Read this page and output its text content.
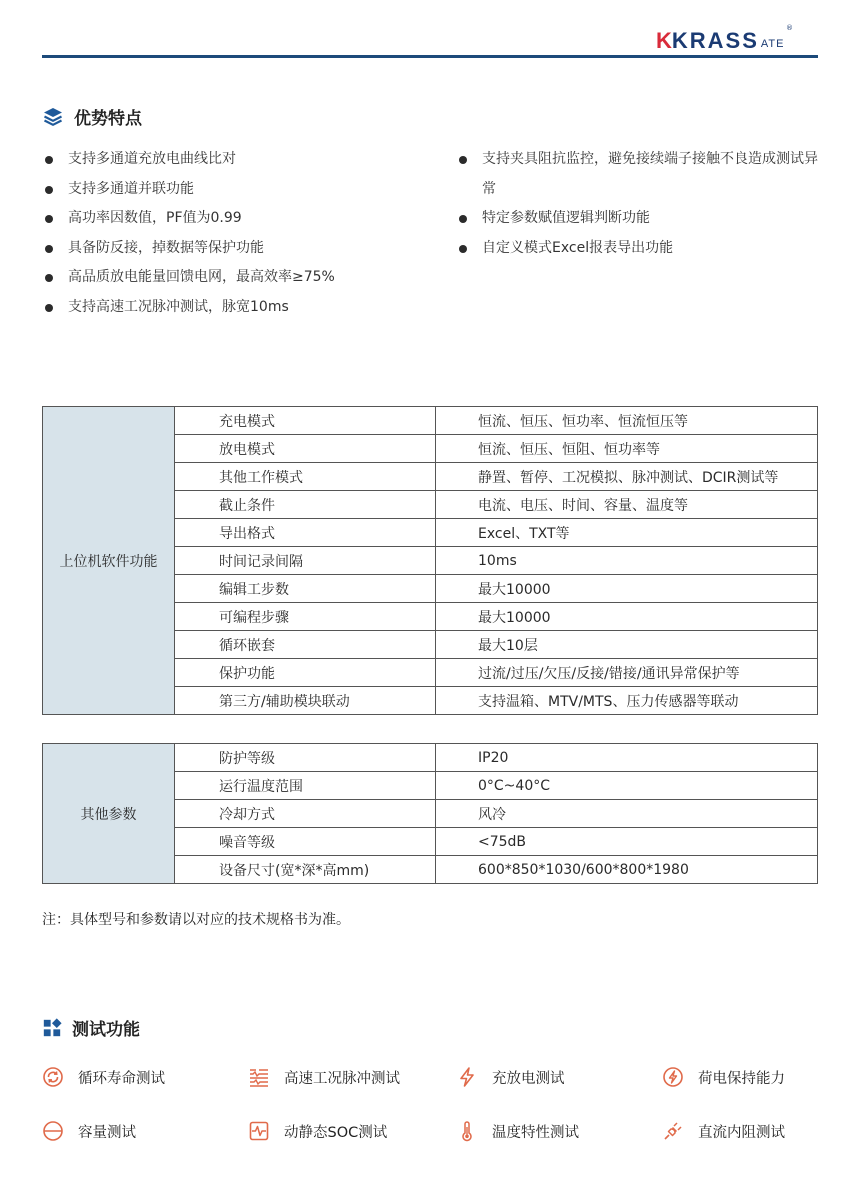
K KRASS ATE
®
优势特点
支持多通道充放电曲线比对
支持多通道并联功能
高功率因数值，PF值为0.99
具备防反接，掉数据等保护功能
高品质放电能量回馈电网，最高效率≥75%
支持高速工况脉冲测试，脉宽10ms
支持夹具阻抗监控，避免接续端子接触不良造成测试异常
特定参数赋值逻辑判断功能
自定义模式Excel报表导出功能
上位机软件功能	充电模式	恒流、恒压、恒功率、恒流恒压等
	放电模式	恒流、恒压、恒阻、恒功率等
	其他工作模式	静置、暂停、工况模拟、脉冲测试、DCIR测试等
	截止条件	电流、电压、时间、容量、温度等
	导出格式	Excel、TXT等
	时间记录间隔	10ms
	编辑工步数	最大10000
	可编程步骤	最大10000
	循环嵌套	最大10层
	保护功能	过流/过压/欠压/反接/错接/通讯异常保护等
	第三方/辅助模块联动	支持温箱、MTV/MTS、压力传感器等联动
其他参数	防护等级	IP20
	运行温度范围	0°C~40°C
	冷却方式	风冷
	噪音等级	<75dB
	设备尺寸(宽*深*高mm)	600*850*1030/600*800*1980
注：具体型号和参数请以对应的技术规格书为准。
测试功能
循环寿命测试	高速工况脉冲测试	充放电测试	荷电保持能力
容量测试	动静态SOC测试	温度特性测试	直流内阻测试
